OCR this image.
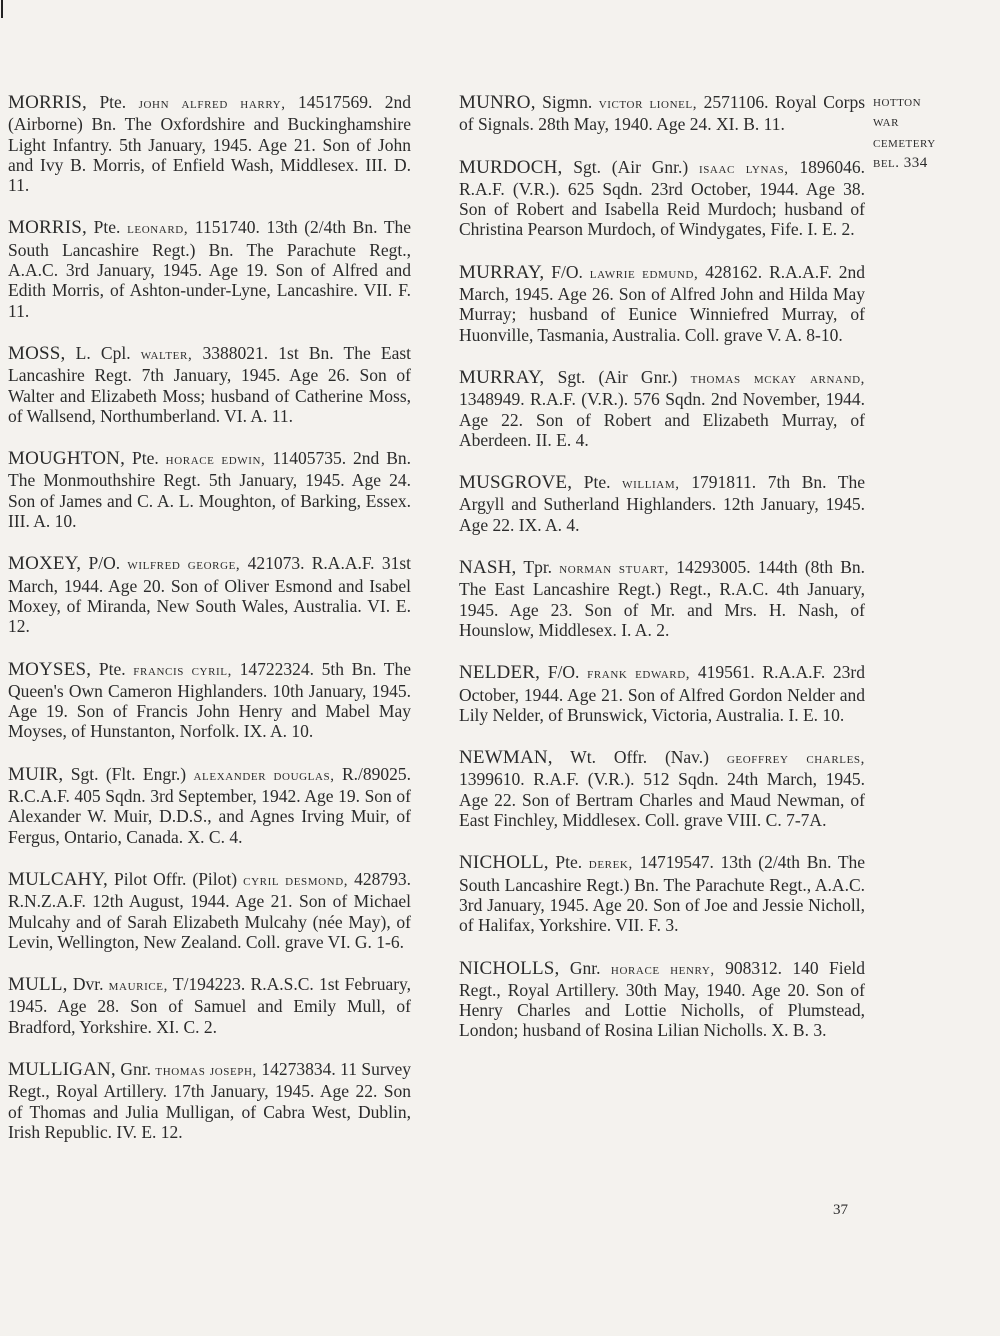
MORRIS, Pte. john alfred harry, 14517569. 2nd (Airborne) Bn. The Oxfordshire and Buckinghamshire Light Infantry. 5th January, 1945. Age 21. Son of John and Ivy B. Morris, of Enfield Wash, Middlesex. III. D. 11.

MORRIS, Pte. leonard, 1151740. 13th (2/4th Bn. The South Lancashire Regt.) Bn. The Parachute Regt., A.A.C. 3rd January, 1945. Age 19. Son of Alfred and Edith Morris, of Ashton-under-Lyne, Lancashire. VII. F. 11.

MOSS, L. Cpl. walter, 3388021. 1st Bn. The East Lancashire Regt. 7th January, 1945. Age 26. Son of Walter and Elizabeth Moss; husband of Catherine Moss, of Wallsend, Northumberland. VI. A. 11.

MOUGHTON, Pte. horace edwin, 11405735. 2nd Bn. The Monmouthshire Regt. 5th January, 1945. Age 24. Son of James and C. A. L. Moughton, of Barking, Essex. III. A. 10.

MOXEY, P/O. wilfred george, 421073. R.A.A.F. 31st March, 1944. Age 20. Son of Oliver Esmond and Isabel Moxey, of Miranda, New South Wales, Australia. VI. E. 12.

MOYSES, Pte. francis cyril, 14722324. 5th Bn. The Queen's Own Cameron Highlanders. 10th January, 1945. Age 19. Son of Francis John Henry and Mabel May Moyses, of Hunstanton, Norfolk. IX. A. 10.

MUIR, Sgt. (Flt. Engr.) alexander douglas, R./89025. R.C.A.F. 405 Sqdn. 3rd September, 1942. Age 19. Son of Alexander W. Muir, D.D.S., and Agnes Irving Muir, of Fergus, Ontario, Canada. X. C. 4.

MULCAHY, Pilot Offr. (Pilot) cyril desmond, 428793. R.N.Z.A.F. 12th August, 1944. Age 21. Son of Michael Mulcahy and of Sarah Elizabeth Mulcahy (née May), of Levin, Wellington, New Zealand. Coll. grave VI. G. 1-6.

MULL, Dvr. maurice, T/194223. R.A.S.C. 1st February, 1945. Age 28. Son of Samuel and Emily Mull, of Bradford, Yorkshire. XI. C. 2.

MULLIGAN, Gnr. thomas joseph, 14273834. 11 Survey Regt., Royal Artillery. 17th January, 1945. Age 22. Son of Thomas and Julia Mulligan, of Cabra West, Dublin, Irish Republic. IV. E. 12.

MUNRO, Sigmn. victor lionel, 2571106. Royal Corps of Signals. 28th May, 1940. Age 24. XI. B. 11.

MURDOCH, Sgt. (Air Gnr.) isaac lynas, 1896046. R.A.F. (V.R.). 625 Sqdn. 23rd October, 1944. Age 38. Son of Robert and Isabella Reid Murdoch; husband of Christina Pearson Murdoch, of Windygates, Fife. I. E. 2.

MURRAY, F/O. lawrie edmund, 428162. R.A.A.F. 2nd March, 1945. Age 26. Son of Alfred John and Hilda May Murray; husband of Eunice Winniefred Murray, of Huonville, Tasmania, Australia. Coll. grave V. A. 8-10.

MURRAY, Sgt. (Air Gnr.) thomas mckay arnand, 1348949. R.A.F. (V.R.). 576 Sqdn. 2nd November, 1944. Age 22. Son of Robert and Elizabeth Murray, of Aberdeen. II. E. 4.

MUSGROVE, Pte. william, 1791811. 7th Bn. The Argyll and Sutherland Highlanders. 12th January, 1945. Age 22. IX. A. 4.

NASH, Tpr. norman stuart, 14293005. 144th (8th Bn. The East Lancashire Regt.) Regt., R.A.C. 4th January, 1945. Age 23. Son of Mr. and Mrs. H. Nash, of Hounslow, Middlesex. I. A. 2.

NELDER, F/O. frank edward, 419561. R.A.A.F. 23rd October, 1944. Age 21. Son of Alfred Gordon Nelder and Lily Nelder, of Brunswick, Victoria, Australia. I. E. 10.

NEWMAN, Wt. Offr. (Nav.) geoffrey charles, 1399610. R.A.F. (V.R.). 512 Sqdn. 24th March, 1945. Age 22. Son of Bertram Charles and Maud Newman, of East Finchley, Middlesex. Coll. grave VIII. C. 7-7A.

NICHOLL, Pte. derek, 14719547. 13th (2/4th Bn. The South Lancashire Regt.) Bn. The Parachute Regt., A.A.C. 3rd January, 1945. Age 20. Son of Joe and Jessie Nicholl, of Halifax, Yorkshire. VII. F. 3.

NICHOLLS, Gnr. horace henry, 908312. 140 Field Regt., Royal Artillery. 30th May, 1940. Age 20. Son of Henry Charles and Lottie Nicholls, of Plumstead, London; husband of Rosina Lilian Nicholls. X. B. 3.

hotton
war
cemetery
bel. 334
37
